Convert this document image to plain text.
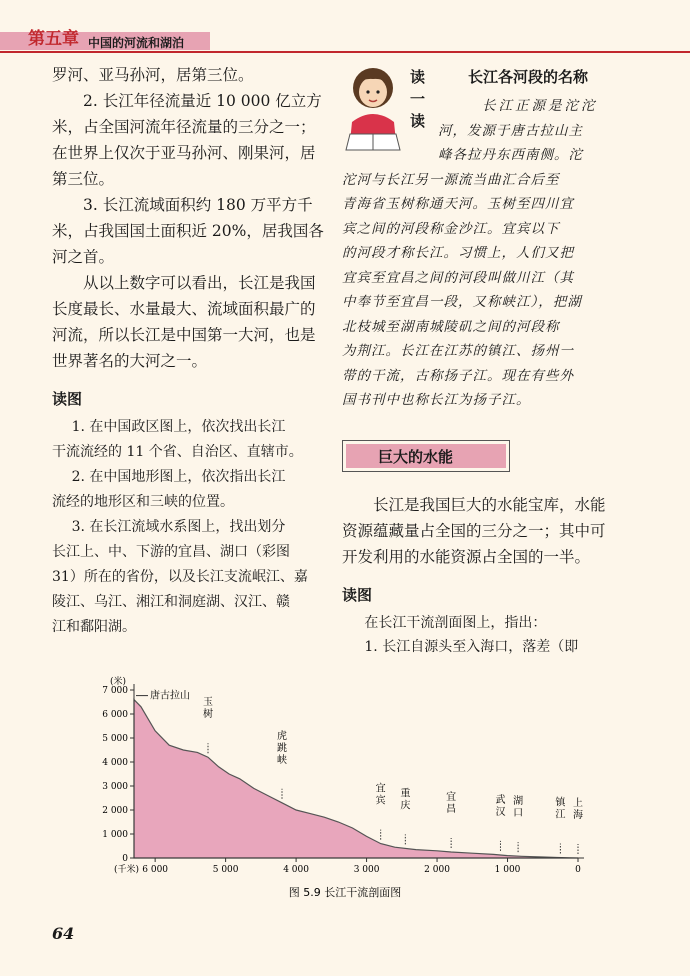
第五章 中国的河流和湖泊
罗河、亚马孙河，居第三位。
2. 长江年径流量近 10 000 亿立方
米，占全国河流年径流量的三分之一；
在世界上仅次于亚马孙河、刚果河，居
第三位。
3. 长江流域面积约 180 万平方千
米，占我国国土面积近 20%，居我国各
河之首。
从以上数字可以看出，长江是我国
长度最长、水量最大、流域面积最广的
河流，所以长江是中国第一大河，也是
世界著名的大河之一。
读图
1. 在中国政区图上，依次找出长江
干流流经的 11 个省、自治区、直辖市。
2. 在中国地形图上，依次指出长江
流经的地形区和三峡的位置。
3. 在长江流域水系图上，找出划分
长江上、中、下游的宜昌、湖口（彩图
31）所在的省份，以及长江支流岷江、嘉
陵江、乌江、湘江和洞庭湖、汉江、赣
江和鄱阳湖。
读一读
长江各河段的名称
长江正源是沱沱
河，发源于唐古拉山主
峰各拉丹东西南侧。沱
沱河与长江另一源流当曲汇合后至
青海省玉树称通天河。玉树至四川宜
宾之间的河段称金沙江。宜宾以下
的河段才称长江。习惯上，人们又把
宜宾至宜昌之间的河段叫做川江（其
中奉节至宜昌一段，又称峡江），把湖
北枝城至湖南城陵矶之间的河段称
为荆江。长江在江苏的镇江、扬州一
带的干流，古称扬子江。现在有些外
国书刊中也称长江为扬子江。
巨大的水能
长江是我国巨大的水能宝库，水能
资源蕴藏量占全国的三分之一；其中可
开发利用的水能资源占全国的一半。
读图
在长江干流剖面图上，指出：
1. 长江自源头至入海口，落差（即
0
1 000
2 000
3 000
4 000
5 000
6 000
7 000
6 000	5 000	4 000	3 000	2 000	1 000	0
(米)
(千米)
唐古拉山
玉树
虎跳峡
宜宾
重庆
宜昌
武汉
湖口
镇江
上海
图 5.9 长江干流剖面图
64
